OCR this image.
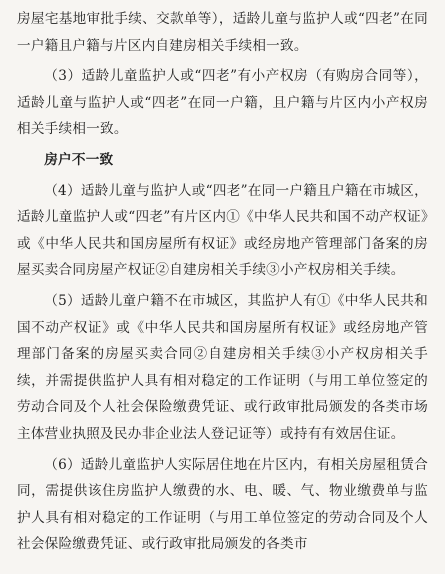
房屋宅基地审批手续、交款单等），适龄儿童与监护人或“四老”在同一户籍且户籍与片区内自建房相关手续相一致。

（3）适龄儿童监护人或“四老”有小产权房（有购房合同等），适龄儿童与监护人或“四老”在同一户籍，且户籍与片区内小产权房相关手续相一致。

房户不一致

（4）适龄儿童与监护人或“四老”在同一户籍且户籍在市城区，适龄儿童监护人或“四老”有片区内①《中华人民共和国不动产权证》或《中华人民共和国房屋所有权证》或经房地产管理部门备案的房屋买卖合同房屋产权证②自建房相关手续③小产权房相关手续。

（5）适龄儿童户籍不在市城区，其监护人有①《中华人民共和国不动产权证》或《中华人民共和国房屋所有权证》或经房地产管理部门备案的房屋买卖合同②自建房相关手续③小产权房相关手续，并需提供监护人具有相对稳定的工作证明（与用工单位签定的劳动合同及个人社会保险缴费凭证、或行政审批局颁发的各类市场主体营业执照及民办非企业法人登记证等）或持有有效居住证。

（6）适龄儿童监护人实际居住地在片区内，有相关房屋租赁合同，需提供该住房监护人缴费的水、电、暖、气、物业缴费单与监护人具有相对稳定的工作证明（与用工单位签定的劳动合同及个人社会保险缴费凭证、或行政审批局颁发的各类市
